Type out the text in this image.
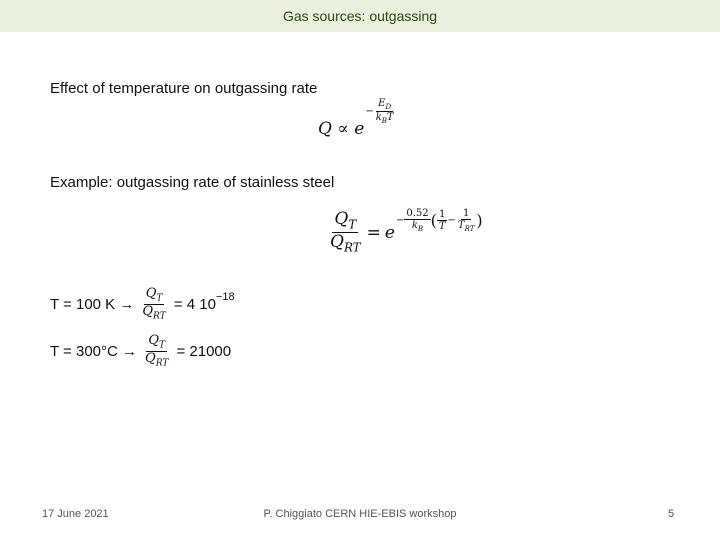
Gas sources: outgassing
Effect of temperature on outgassing rate
Q ∝ e
− $\frac{E_D}{k_BT}$
Example: outgassing rate of stainless steel
$\frac{Q_T}{Q_{RT}} = e$
− $\frac{0.52}{k_B}$ ( $\frac{1}{T} - \frac{1}{T_{RT}}$ )
T = 100 $K \to \frac{Q_T}{Q_{RT}} = 4$ $10^{-18}$
$T = 300^\circ C \to \frac{Q_T}{Q_{RT}} = 21000$
17 June 2021	P. Chiggiato CERN HIE-EBIS workshop	5
